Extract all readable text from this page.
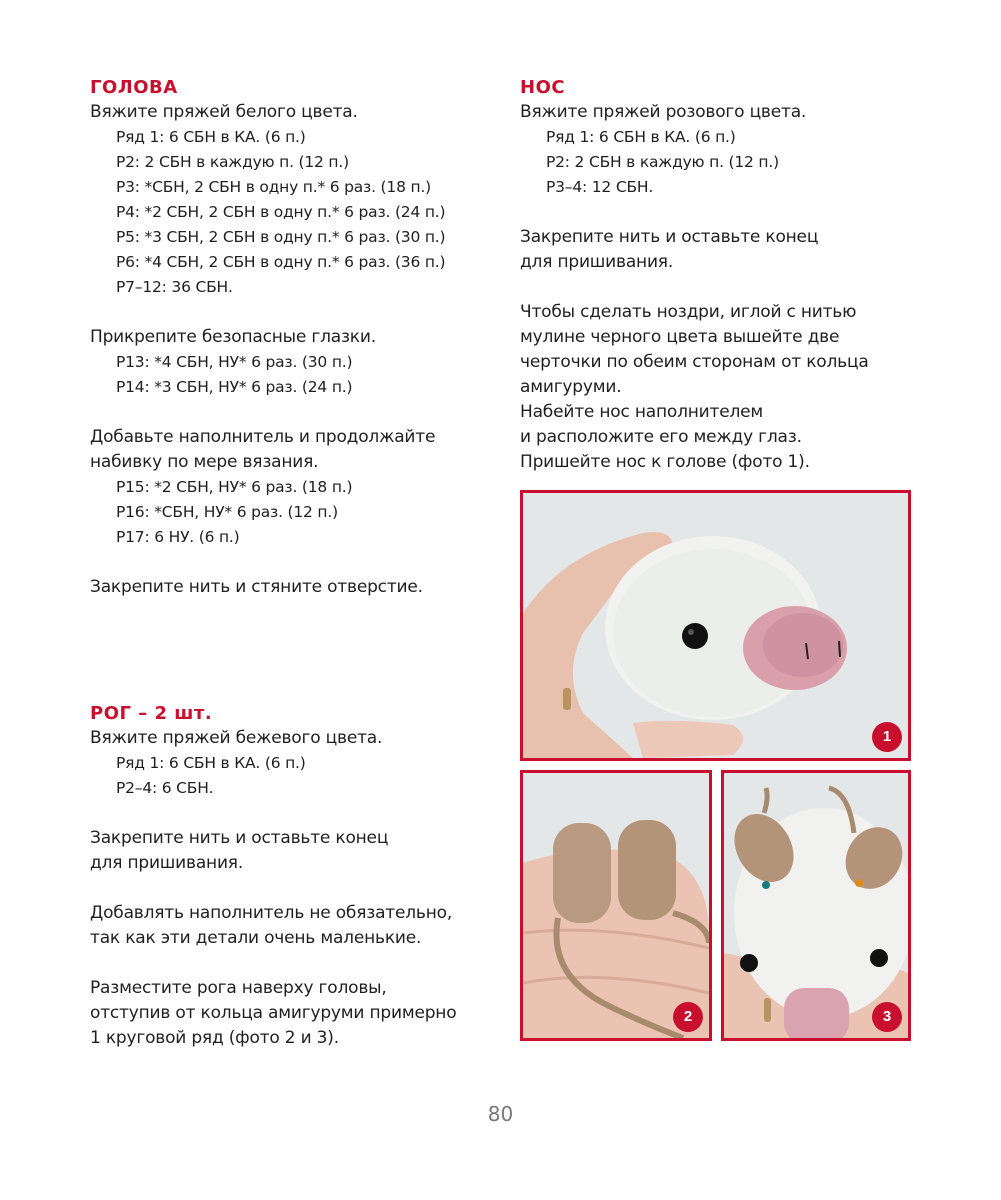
ГОЛОВА
Вяжите пряжей белого цвета.
Ряд 1: 6 СБН в КА. (6 п.)
Р2: 2 СБН в каждую п. (12 п.)
Р3: *СБН, 2 СБН в одну п.* 6 раз. (18 п.)
Р4: *2 СБН, 2 СБН в одну п.* 6 раз. (24 п.)
Р5: *3 СБН, 2 СБН в одну п.* 6 раз. (30 п.)
Р6: *4 СБН, 2 СБН в одну п.* 6 раз. (36 п.)
Р7–12: 36 СБН.
Прикрепите безопасные глазки.
Р13: *4 СБН, НУ* 6 раз. (30 п.)
Р14: *3 СБН, НУ* 6 раз. (24 п.)
Добавьте наполнитель и продолжайте
набивку по мере вязания.
Р15: *2 СБН, НУ* 6 раз. (18 п.)
Р16: *СБН, НУ* 6 раз. (12 п.)
Р17: 6 НУ. (6 п.)
Закрепите нить и стяните отверстие.
РОГ – 2 шт.
Вяжите пряжей бежевого цвета.
Ряд 1: 6 СБН в КА. (6 п.)
Р2–4: 6 СБН.
Закрепите нить и оставьте конец
для пришивания.
Добавлять наполнитель не обязательно,
так как эти детали очень маленькие.
Разместите рога наверху головы,
отступив от кольца амигуруми примерно
1 круговой ряд (фото 2 и 3).
НОС
Вяжите пряжей розового цвета.
Ряд 1: 6 СБН в КА. (6 п.)
Р2: 2 СБН в каждую п. (12 п.)
Р3–4: 12 СБН.
Закрепите нить и оставьте конец
для пришивания.
Чтобы сделать ноздри, иглой с нитью
мулине черного цвета вышейте две
черточки по обеим сторонам от кольца
амигуруми.
Набейте нос наполнителем
и расположите его между глаз.
Пришейте нос к голове (фото 1).
1
2	3
80
